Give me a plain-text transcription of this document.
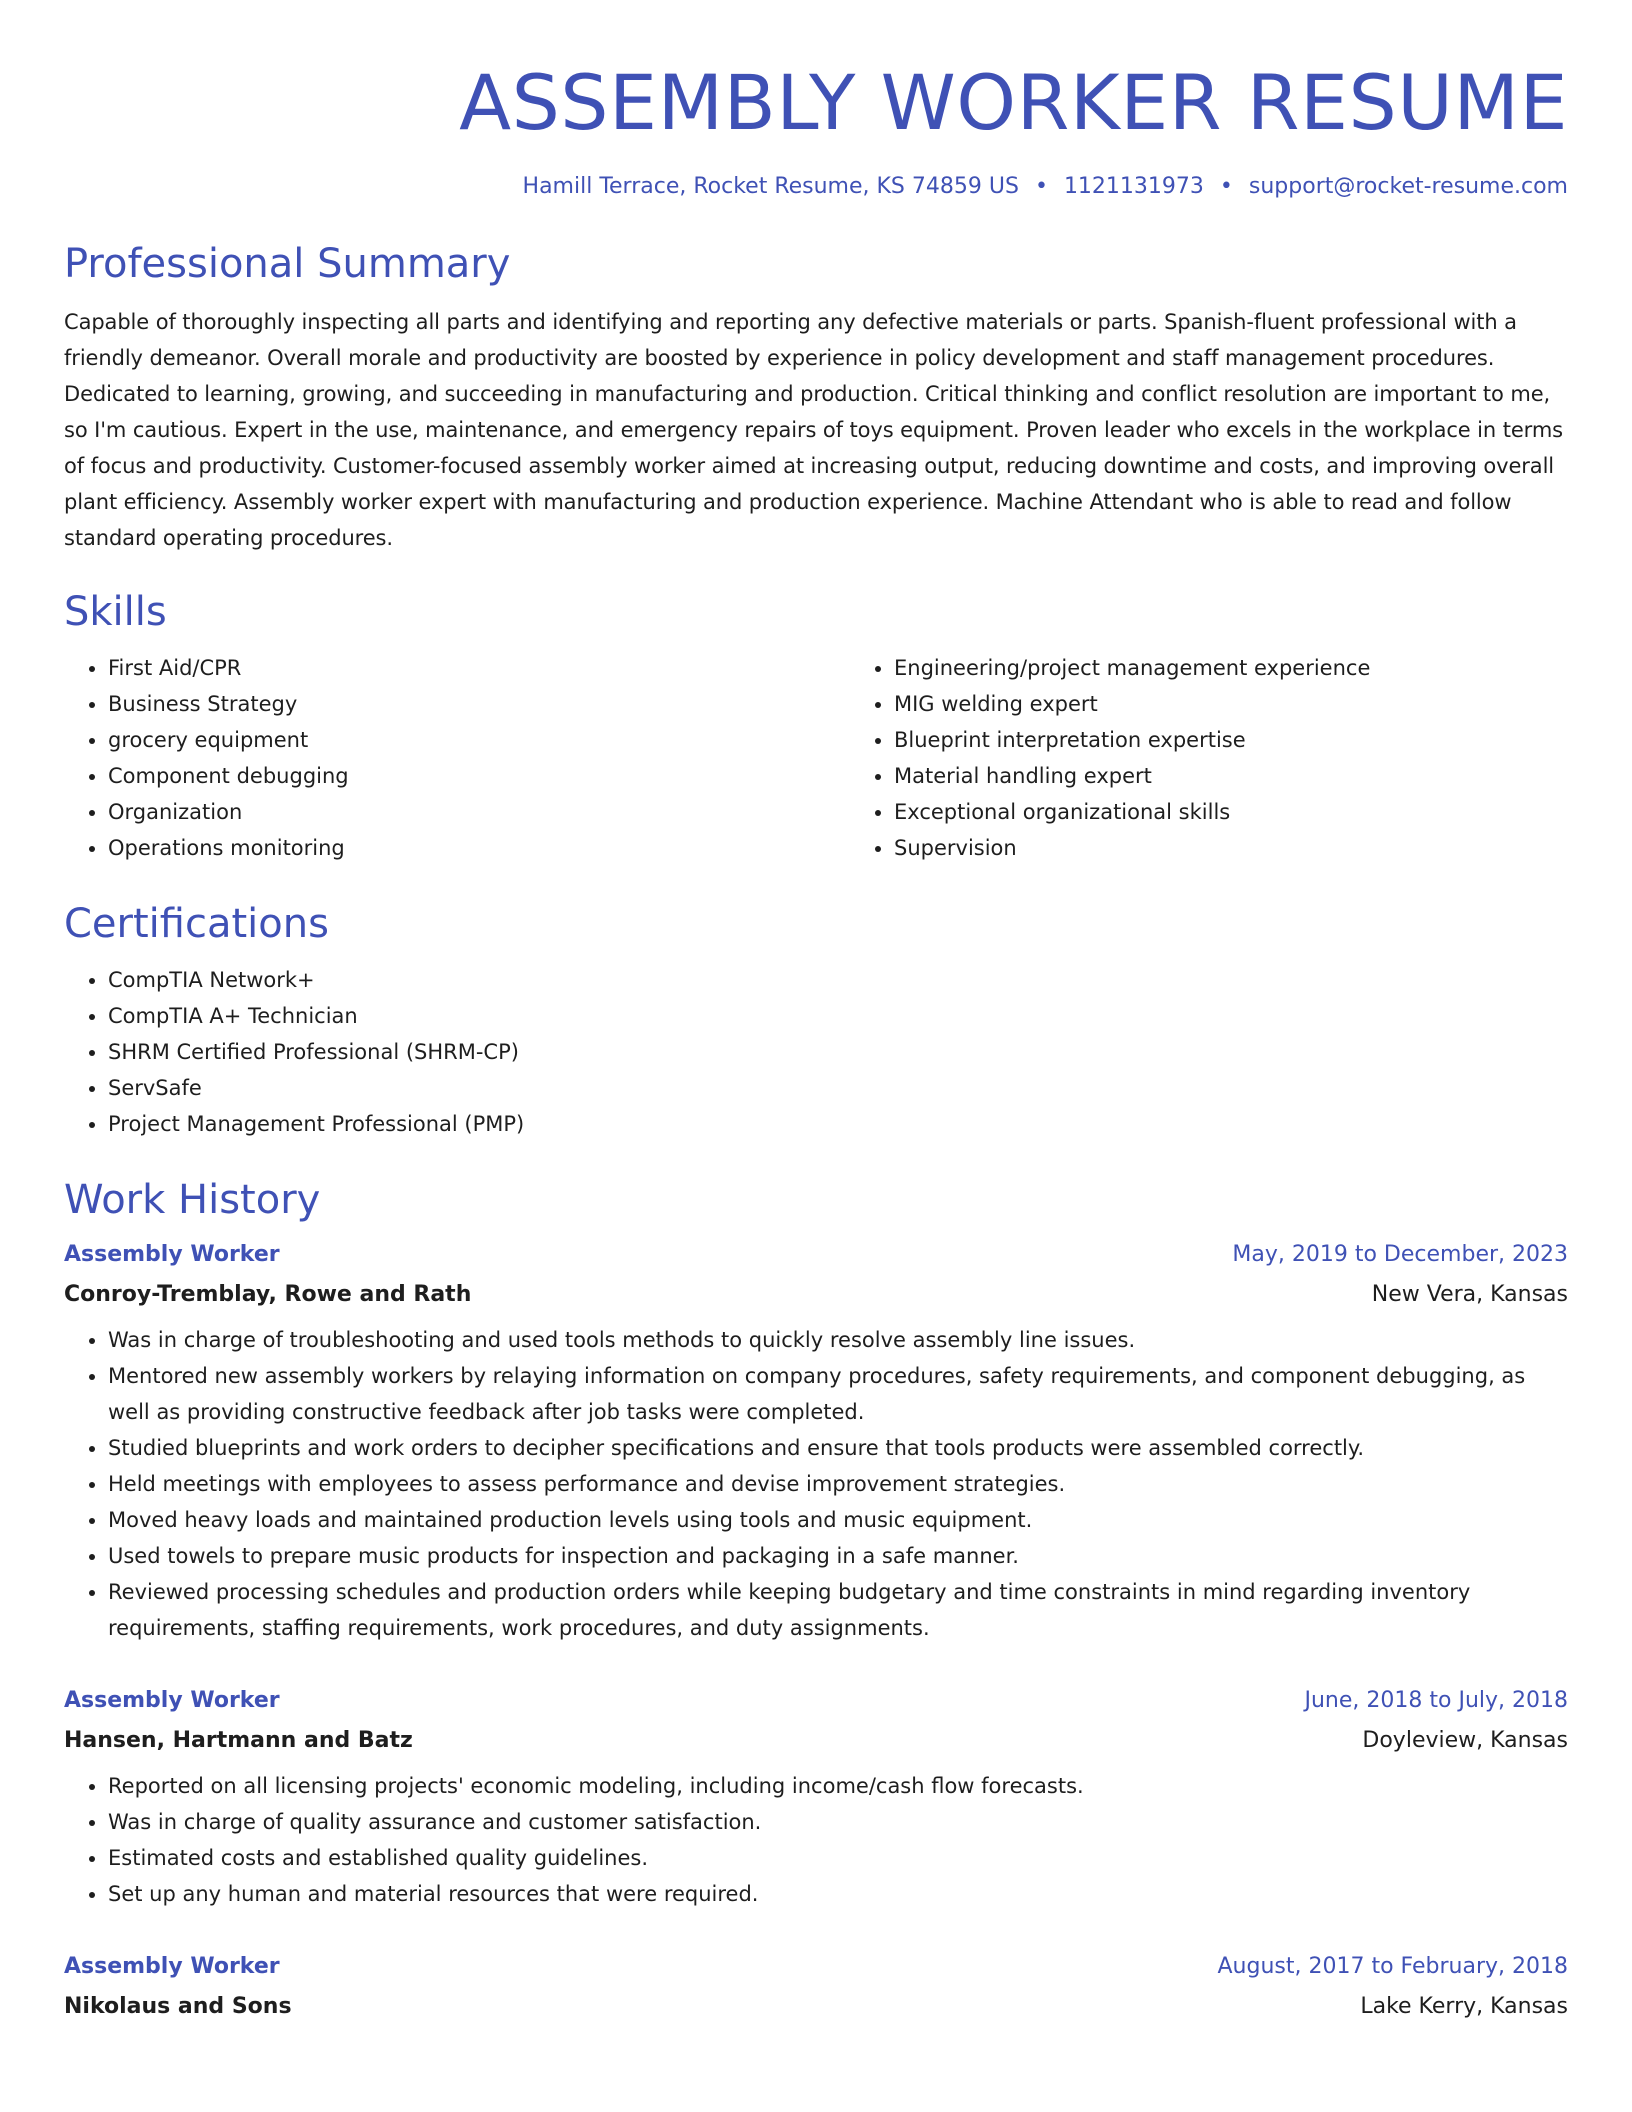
ASSEMBLY WORKER RESUME
Hamill Terrace, Rocket Resume, KS 74859 US • 1121131973 • support@rocket-resume.com
Professional Summary
Capable of thoroughly inspecting all parts and identifying and reporting any defective materials or parts. Spanish-fluent professional with a friendly demeanor. Overall morale and productivity are boosted by experience in policy development and staff management procedures. Dedicated to learning, growing, and succeeding in manufacturing and production. Critical thinking and conflict resolution are important to me, so I'm cautious. Expert in the use, maintenance, and emergency repairs of toys equipment. Proven leader who excels in the workplace in terms of focus and productivity. Customer-focused assembly worker aimed at increasing output, reducing downtime and costs, and improving overall plant efficiency. Assembly worker expert with manufacturing and production experience. Machine Attendant who is able to read and follow standard operating procedures.
Skills
• First Aid/CPR
• Business Strategy
• grocery equipment
• Component debugging
• Organization
• Operations monitoring
• Engineering/project management experience
• MIG welding expert
• Blueprint interpretation expertise
• Material handling expert
• Exceptional organizational skills
• Supervision
Certifications
• CompTIA Network+
• CompTIA A+ Technician
• SHRM Certified Professional (SHRM-CP)
• ServSafe
• Project Management Professional (PMP)
Work History
Assembly Worker	May, 2019 to December, 2023
Conroy-Tremblay, Rowe and Rath	New Vera, Kansas
• Was in charge of troubleshooting and used tools methods to quickly resolve assembly line issues.
• Mentored new assembly workers by relaying information on company procedures, safety requirements, and component debugging, as well as providing constructive feedback after job tasks were completed.
• Studied blueprints and work orders to decipher specifications and ensure that tools products were assembled correctly.
• Held meetings with employees to assess performance and devise improvement strategies.
• Moved heavy loads and maintained production levels using tools and music equipment.
• Used towels to prepare music products for inspection and packaging in a safe manner.
• Reviewed processing schedules and production orders while keeping budgetary and time constraints in mind regarding inventory requirements, staffing requirements, work procedures, and duty assignments.
Assembly Worker	June, 2018 to July, 2018
Hansen, Hartmann and Batz	Doyleview, Kansas
• Reported on all licensing projects' economic modeling, including income/cash flow forecasts.
• Was in charge of quality assurance and customer satisfaction.
• Estimated costs and established quality guidelines.
• Set up any human and material resources that were required.
Assembly Worker	August, 2017 to February, 2018
Nikolaus and Sons	Lake Kerry, Kansas
